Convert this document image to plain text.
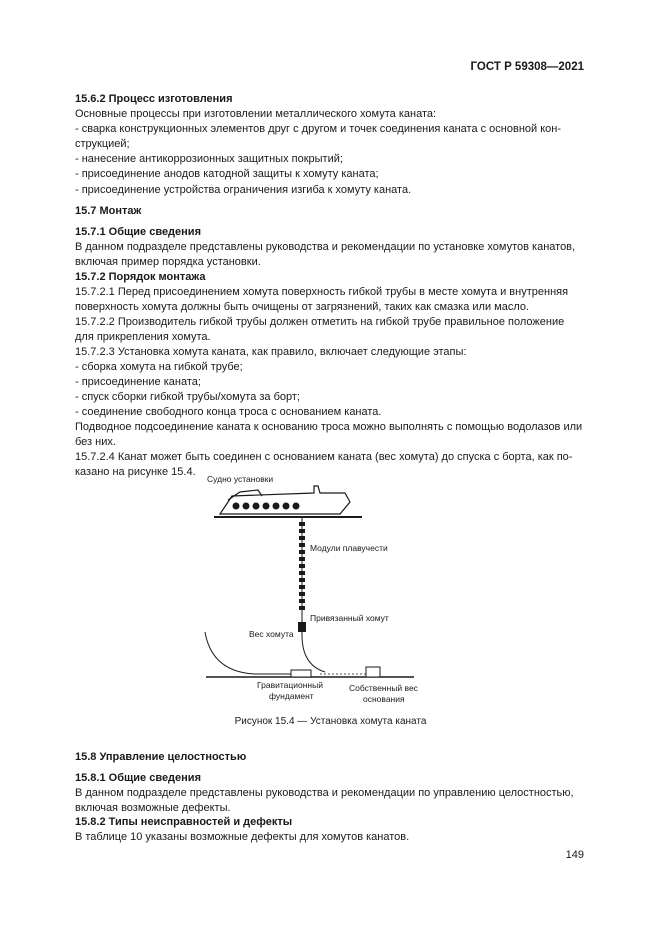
ГОСТ Р 59308—2021

15.6.2 Процесс изготовления

Основные процессы при изготовлении металлического хомута каната:

- сварка конструкционных элементов друг с другом и точек соединения каната с основной кон-

струкцией;

- нанесение антикоррозионных защитных покрытий;

- присоединение анодов катодной защиты к хомуту каната;

- присоединение устройства ограничения изгиба к хомуту каната.

15.7 Монтаж

15.7.1 Общие сведения

В данном подразделе представлены руководства и рекомендации по установке хомутов канатов,

включая пример порядка установки.

15.7.2 Порядок монтажа

15.7.2.1 Перед присоединением хомута поверхность гибкой трубы в месте хомута и внутренняя

поверхность хомута должны быть очищены от загрязнений, таких как смазка или масло.

15.7.2.2 Производитель гибкой трубы должен отметить на гибкой трубе правильное положение

для прикрепления хомута.

15.7.2.3 Установка хомута каната, как правило, включает следующие этапы:

- сборка хомута на гибкой трубе;

- присоединение каната;

- спуск сборки гибкой трубы/хомута за борт;

- соединение свободного конца троса с основанием каната.

Подводное подсоединение каната к основанию троса можно выполнять с помощью водолазов или

без них.

15.7.2.4 Канат может быть соединен с основанием каната (вес хомута) до спуска с борта, как по-

казано на рисунке 15.4.

Судно установки
Модули плавучести
Привязанный хомут
Вес хомута
Гравитационный
фундамент
Собственный вес
основания
Рисунок 15.4 — Установка хомута каната

15.8 Управление целостностью

15.8.1 Общие сведения

В данном подразделе представлены руководства и рекомендации по управлению целостностью,

включая возможные дефекты.

15.8.2 Типы неисправностей и дефекты

В таблице 10 указаны возможные дефекты для хомутов канатов.

149
